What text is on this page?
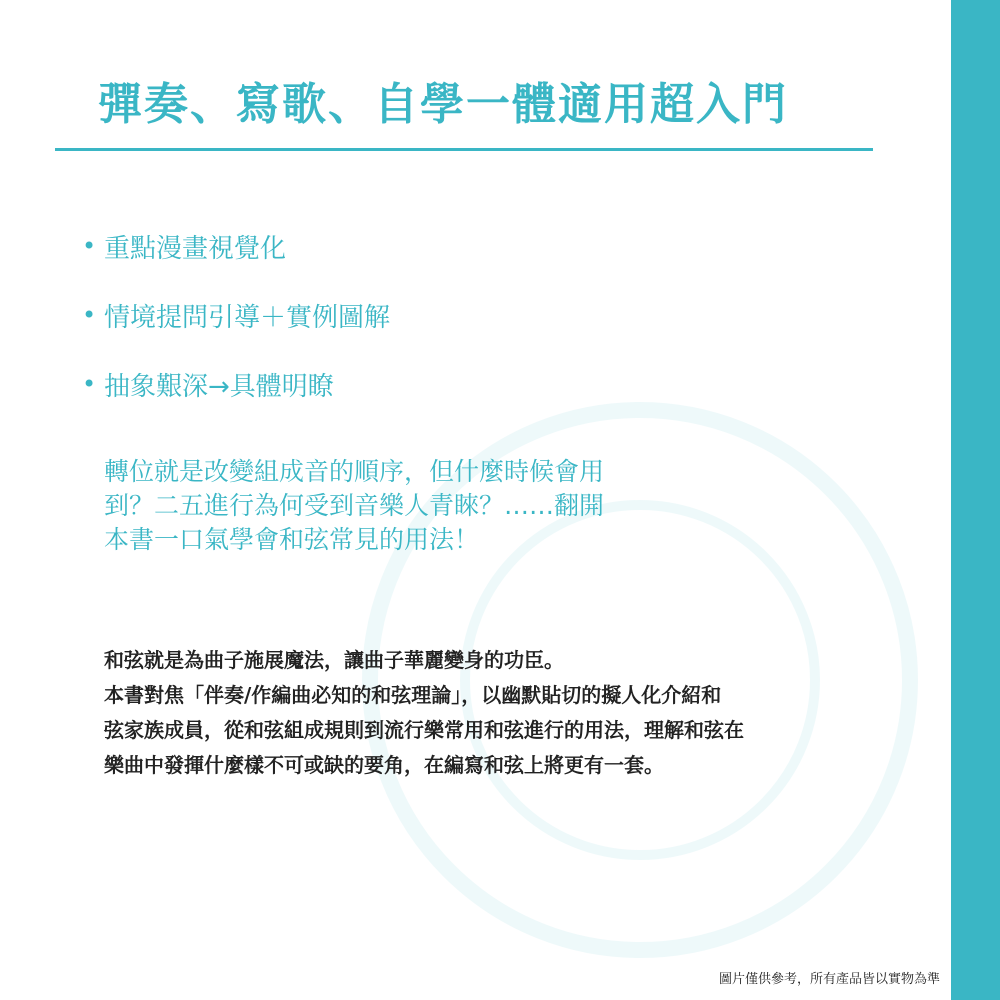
彈奏、寫歌、自學一體適用超入門
• 重點漫畫視覺化
• 情境提問引導＋實例圖解
• 抽象艱深→具體明瞭
轉位就是改變組成音的順序，但什麼時候會用
到？二五進行為何受到音樂人青睞？……翻開
本書一口氣學會和弦常見的用法！
和弦就是為曲子施展魔法，讓曲子華麗變身的功臣。
本書對焦「伴奏/作編曲必知的和弦理論」，以幽默貼切的擬人化介紹和
弦家族成員，從和弦組成規則到流行樂常用和弦進行的用法，理解和弦在
樂曲中發揮什麼樣不可或缺的要角，在編寫和弦上將更有一套。
圖片僅供參考，所有產品皆以實物為準
